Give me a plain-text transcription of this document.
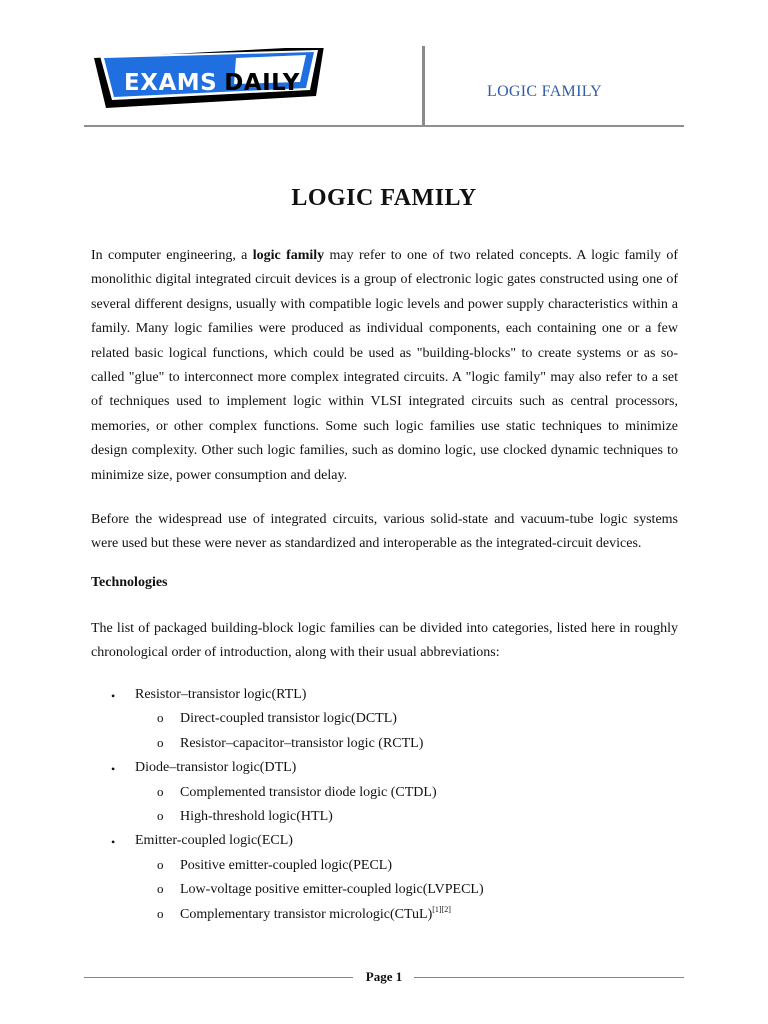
EXAMS DAILY	LOGIC FAMILY
LOGIC FAMILY

In computer engineering, a logic family may refer to one of two related concepts. A logic family of monolithic digital integrated circuit devices is a group of electronic logic gates constructed using one of several different designs, usually with compatible logic levels and power supply characteristics within a family. Many logic families were produced as individual components, each containing one or a few related basic logical functions, which could be used as "building-blocks" to create systems or as so-called "glue" to interconnect more complex integrated circuits. A "logic family" may also refer to a set of techniques used to implement logic within VLSI integrated circuits such as central processors, memories, or other complex functions. Some such logic families use static techniques to minimize design complexity. Other such logic families, such as domino logic, use clocked dynamic techniques to minimize size, power consumption and delay.

Before the widespread use of integrated circuits, various solid-state and vacuum-tube logic systems were used but these were never as standardized and interoperable as the integrated-circuit devices.

Technologies

The list of packaged building-block logic families can be divided into categories, listed here in roughly chronological order of introduction, along with their usual abbreviations:

• Resistor–transistor logic(RTL)
o Direct-coupled transistor logic(DCTL)
o Resistor–capacitor–transistor logic (RCTL)
• Diode–transistor logic(DTL)
o Complemented transistor diode logic (CTDL)
o High-threshold logic(HTL)
• Emitter-coupled logic(ECL)
o Positive emitter-coupled logic(PECL)
o Low-voltage positive emitter-coupled logic(LVPECL)
o Complementary transistor micrologic(CTuL)[1][2]
Page 1
